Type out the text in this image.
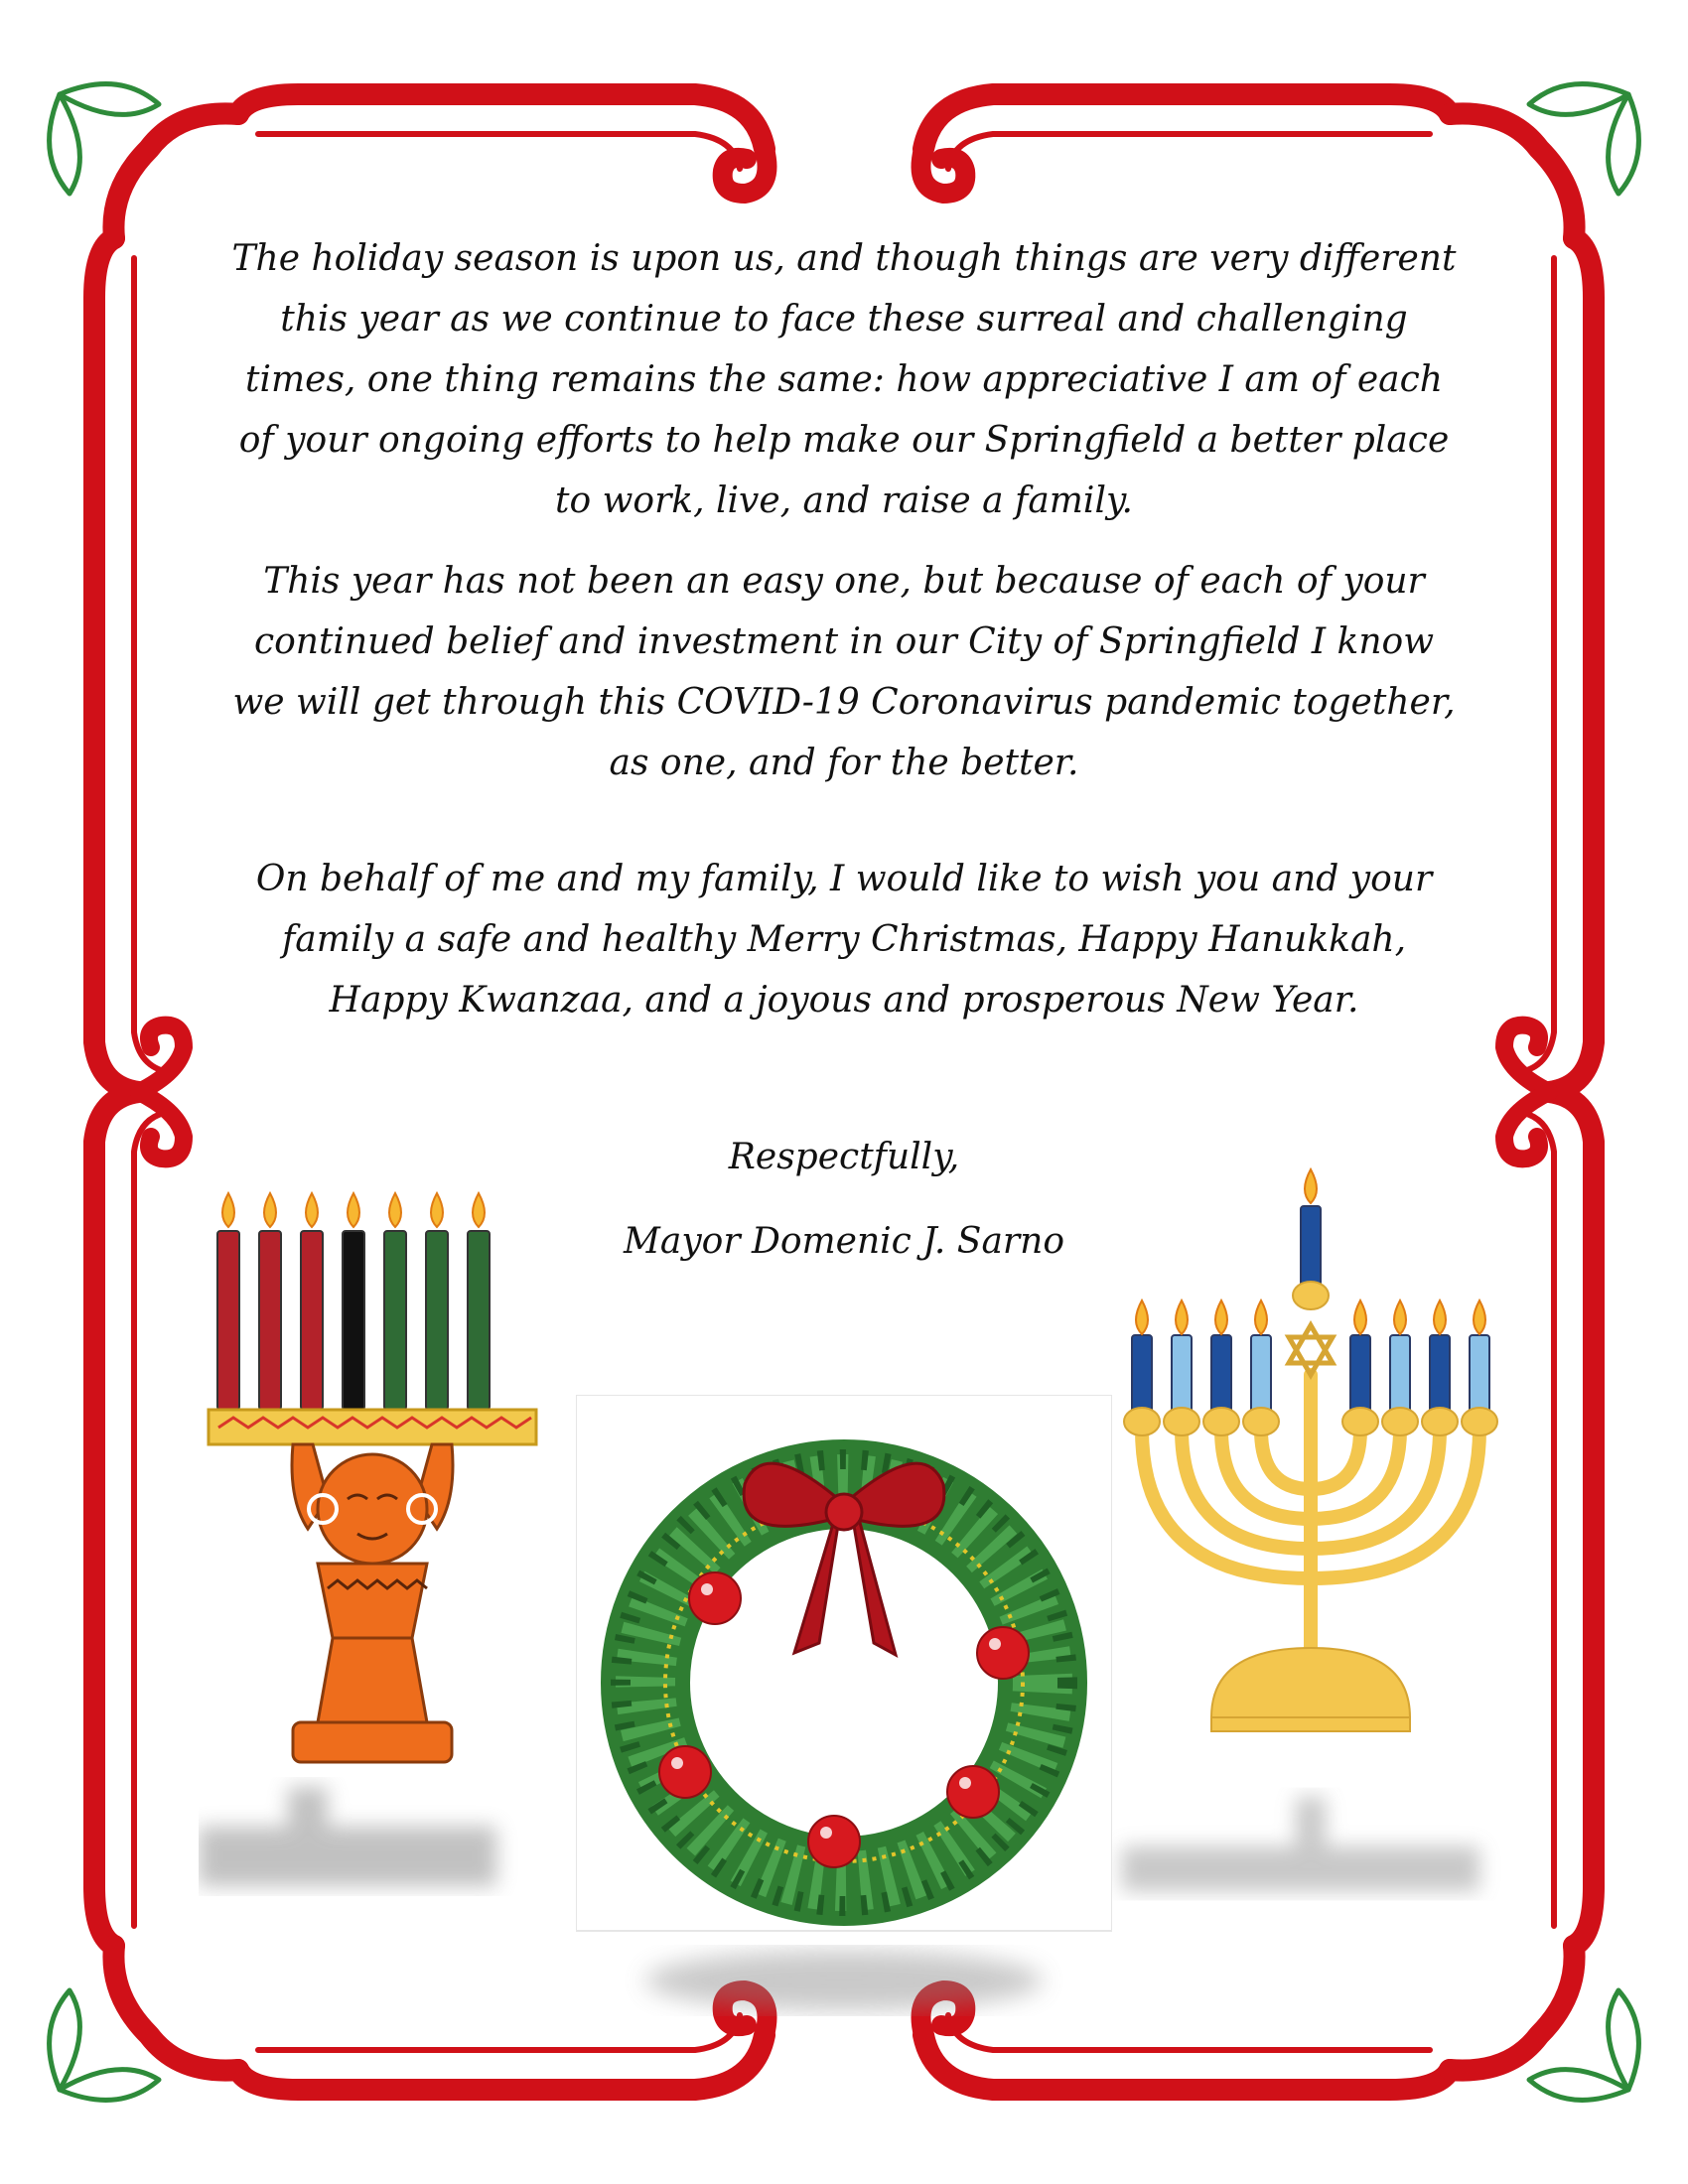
The holiday season is upon us, and though things are very different this year as we continue to face these surreal and challenging times, one thing remains the same: how appreciative I am of each of your ongoing efforts to help make our Springfield a better place to work, live, and raise a family.

This year has not been an easy one, but because of each of your continued belief and investment in our City of Springfield I know we will get through this COVID-19 Coronavirus pandemic together, as one, and for the better.

On behalf of me and my family, I would like to wish you and your family a safe and healthy Merry Christmas, Happy Hanukkah, Happy Kwanzaa, and a joyous and prosperous New Year.

Respectfully,

Mayor Domenic J. Sarno
